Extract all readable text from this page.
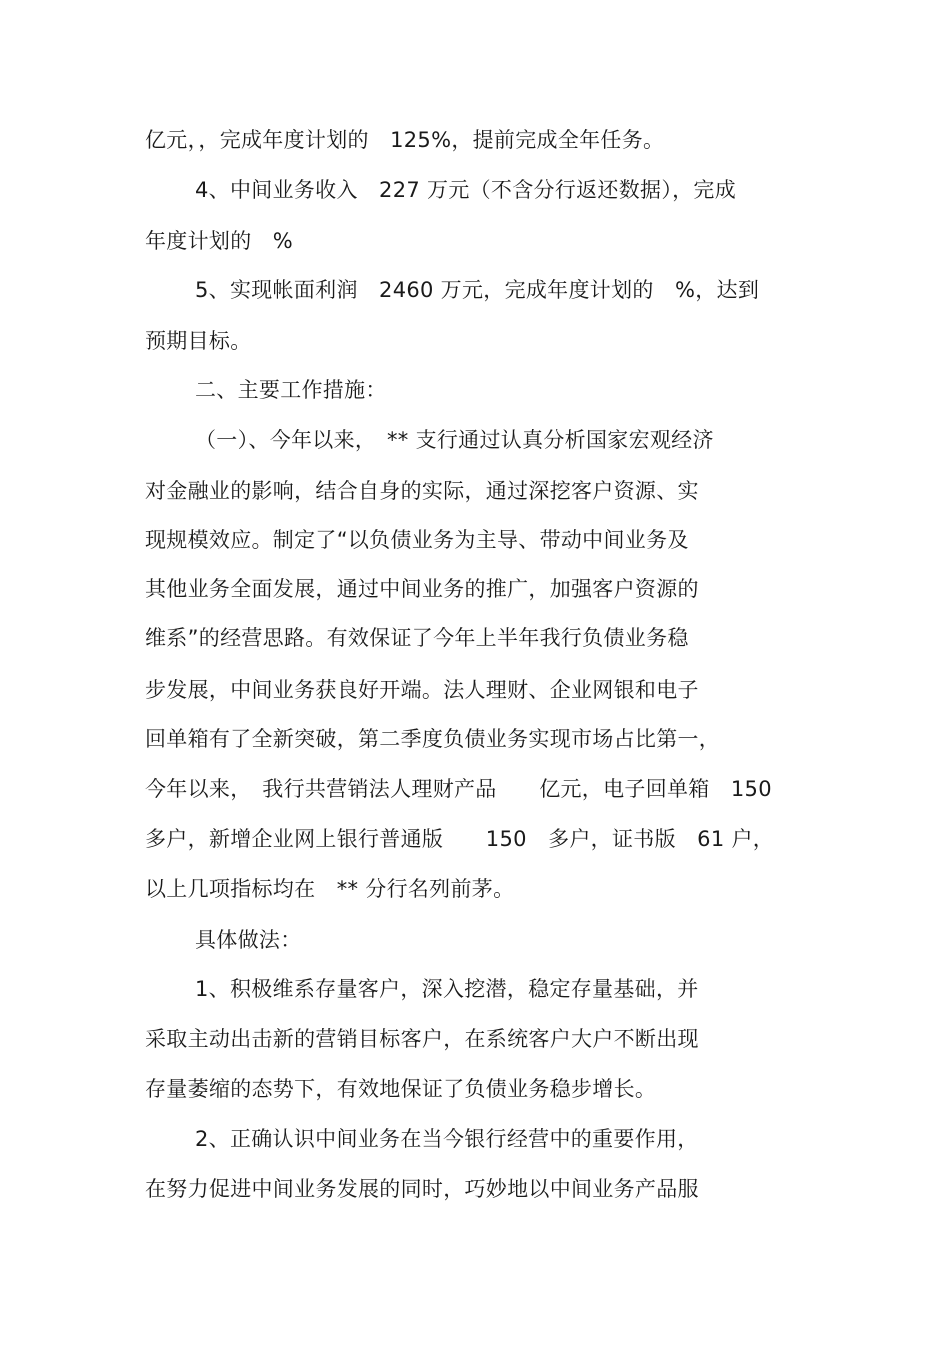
亿元，，完成年度计划的　125%，提前完成全年任务。
4、中间业务收入　227 万元（不含分行返还数据），完成
年度计划的　%
5、实现帐面利润　2460 万元，完成年度计划的　%，达到
预期目标。
二、主要工作措施：
（一）、今年以来，　** 支行通过认真分析国家宏观经济
对金融业的影响，结合自身的实际，通过深挖客户资源、实
现规模效应。制定了“以负债业务为主导、带动中间业务及
其他业务全面发展，通过中间业务的推广，加强客户资源的
维系”的经营思路。有效保证了今年上半年我行负债业务稳
步发展，中间业务获良好开端。法人理财、企业网银和电子
回单箱有了全新突破，第二季度负债业务实现市场占比第一，
今年以来，　我行共营销法人理财产品　　亿元，电子回单箱　150
多户，新增企业网上银行普通版　　150　多户，证书版　61 户，
以上几项指标均在　** 分行名列前茅。
具体做法：
1、积极维系存量客户，深入挖潜，稳定存量基础，并
采取主动出击新的营销目标客户，在系统客户大户不断出现
存量萎缩的态势下，有效地保证了负债业务稳步增长。
2、正确认识中间业务在当今银行经营中的重要作用，
在努力促进中间业务发展的同时，巧妙地以中间业务产品服
